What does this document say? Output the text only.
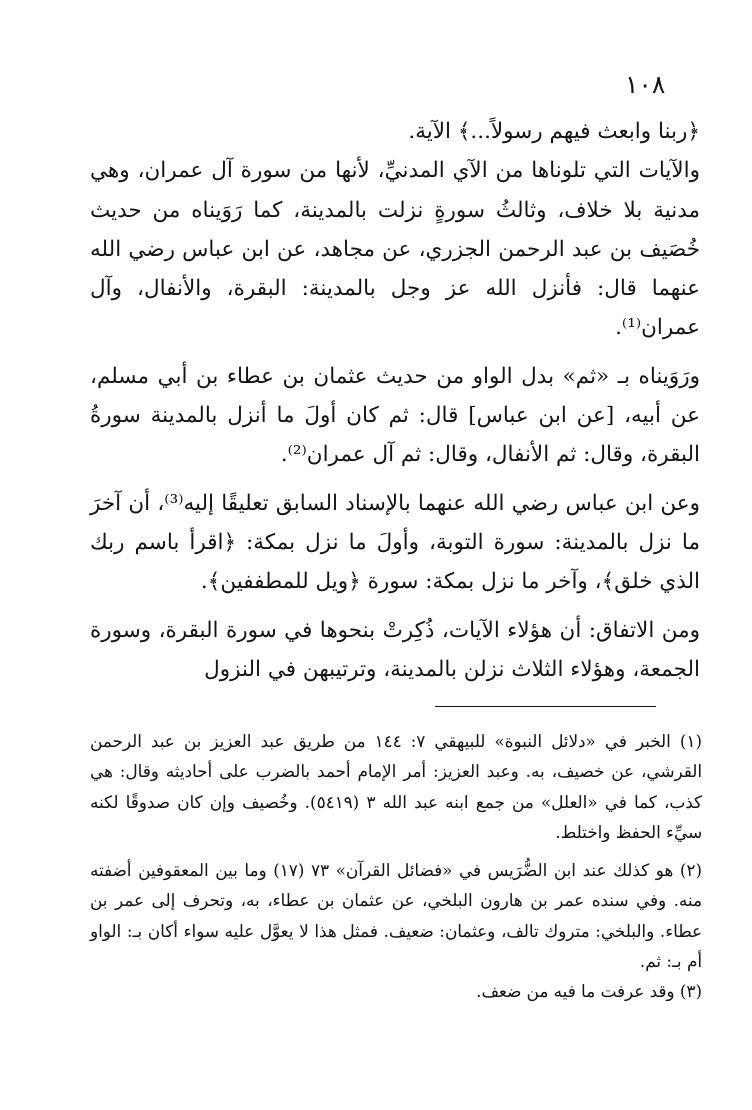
١٠٨

﴿ربنا وابعث فيهم رسولاً...﴾ الآية.

والآيات التي تلوناها من الآي المدنيِّ، لأنها من سورة آل عمران، وهي مدنية بلا خلاف، وثالثُ سورةٍ نزلت بالمدينة، كما رَوَيناه من حديث خُصَيف بن عبد الرحمن الجزري، عن مجاهد، عن ابن عباس رضي الله عنهما قال: فأنزل الله عز وجل بالمدينة: البقرة، والأنفال، وآل عمران⁽¹⁾.

ورَوَيناه بـ «ثم» بدل الواو من حديث عثمان بن عطاء بن أبي مسلم، عن أبيه، [عن ابن عباس] قال: ثم كان أولَ ما أنزل بالمدينة سورةُ البقرة، وقال: ثم الأنفال، وقال: ثم آل عمران⁽²⁾.

وعن ابن عباس رضي الله عنهما بالإسناد السابق تعليقًا إليه⁽³⁾، أن آخرَ ما نزل بالمدينة: سورة التوبة، وأولَ ما نزل بمكة: ﴿اقرأ باسم ربك الذي خلق﴾، وآخر ما نزل بمكة: سورة ﴿ويل للمطففين﴾.

ومن الاتفاق: أن هؤلاء الآيات، ذُكِرتْ بنحوها في سورة البقرة، وسورة الجمعة، وهؤلاء الثلاث نزلن بالمدينة، وترتيبهن في النزول

(١) الخبر في «دلائل النبوة» للبيهقي ٧: ١٤٤ من طريق عبد العزيز بن عبد الرحمن القرشي، عن خصيف، به. وعبد العزيز: أمر الإمام أحمد بالضرب على أحاديثه وقال: هي كذب، كما في «العلل» من جمع ابنه عبد الله ٣ (٥٤١٩). وخُصيف وإن كان صدوقًا لكنه سيِّء الحفظ واختلط.

(٢) هو كذلك عند ابن الضُّرَيس في «فضائل القرآن» ٧٣ (١٧) وما بين المعقوفين أضفته منه. وفي سنده عمر بن هارون البلخي، عن عثمان بن عطاء، به، وتحرف إلى عمر بن عطاء. والبلخي: متروك تالف، وعثمان: ضعيف. فمثل هذا لا يعوَّل عليه سواء أكان بـ: الواو أم بـ: ثم.

(٣) وقد عرفت ما فيه من ضعف.
